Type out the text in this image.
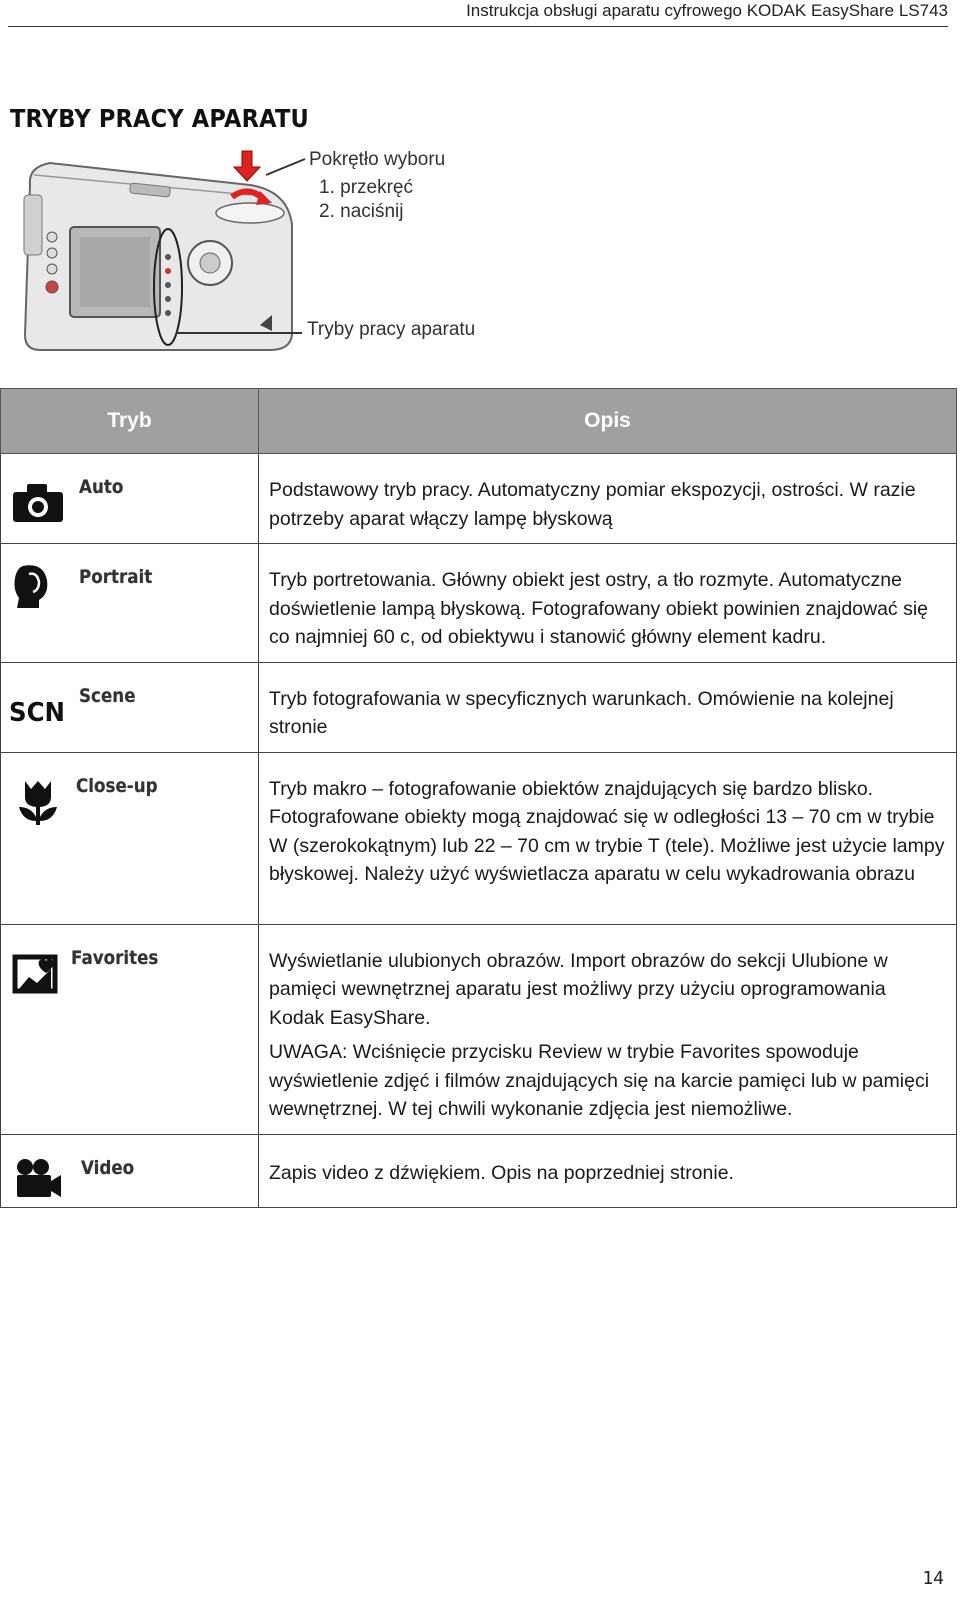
Instrukcja obsługi aparatu cyfrowego KODAK EasyShare LS743
TRYBY PRACY APARATU

Pokrętło wyboru
1. przekręć
2. naciśnij
Tryby pracy aparatu
Tryb	Opis

Auto	Podstawowy tryb pracy. Automatyczny pomiar ekspozycji, ostrości. W razie potrzeby aparat włączy lampę błyskową

Portrait	Tryb portretowania. Główny obiekt jest ostry, a tło rozmyte. Automatyczne doświetlenie lampą błyskową. Fotografowany obiekt powinien znajdować się co najmniej 60 c, od obiektywu i stanowić główny element kadru.

SCN
Scene	Tryb fotografowania w specyficznych warunkach. Omówienie na kolejnej stronie

Close-up	Tryb makro – fotografowanie obiektów znajdujących się bardzo blisko. Fotografowane obiekty mogą znajdować się w odległości 13 – 70 cm w trybie W (szerokokątnym) lub 22 – 70 cm w trybie T (tele). Możliwe jest użycie lampy błyskowej. Należy użyć wyświetlacza aparatu w celu wykadrowania obrazu

Favorites	Wyświetlanie ulubionych obrazów. Import obrazów do sekcji Ulubione w pamięci wewnętrznej aparatu jest możliwy przy użyciu oprogramowania Kodak EasyShare.

UWAGA: Wciśnięcie przycisku Review w trybie Favorites spowoduje wyświetlenie zdjęć i filmów znajdujących się na karcie pamięci lub w pamięci wewnętrznej. W tej chwili wykonanie zdjęcia jest niemożliwe.

Video	Zapis video z dźwiękiem. Opis na poprzedniej stronie.

14
